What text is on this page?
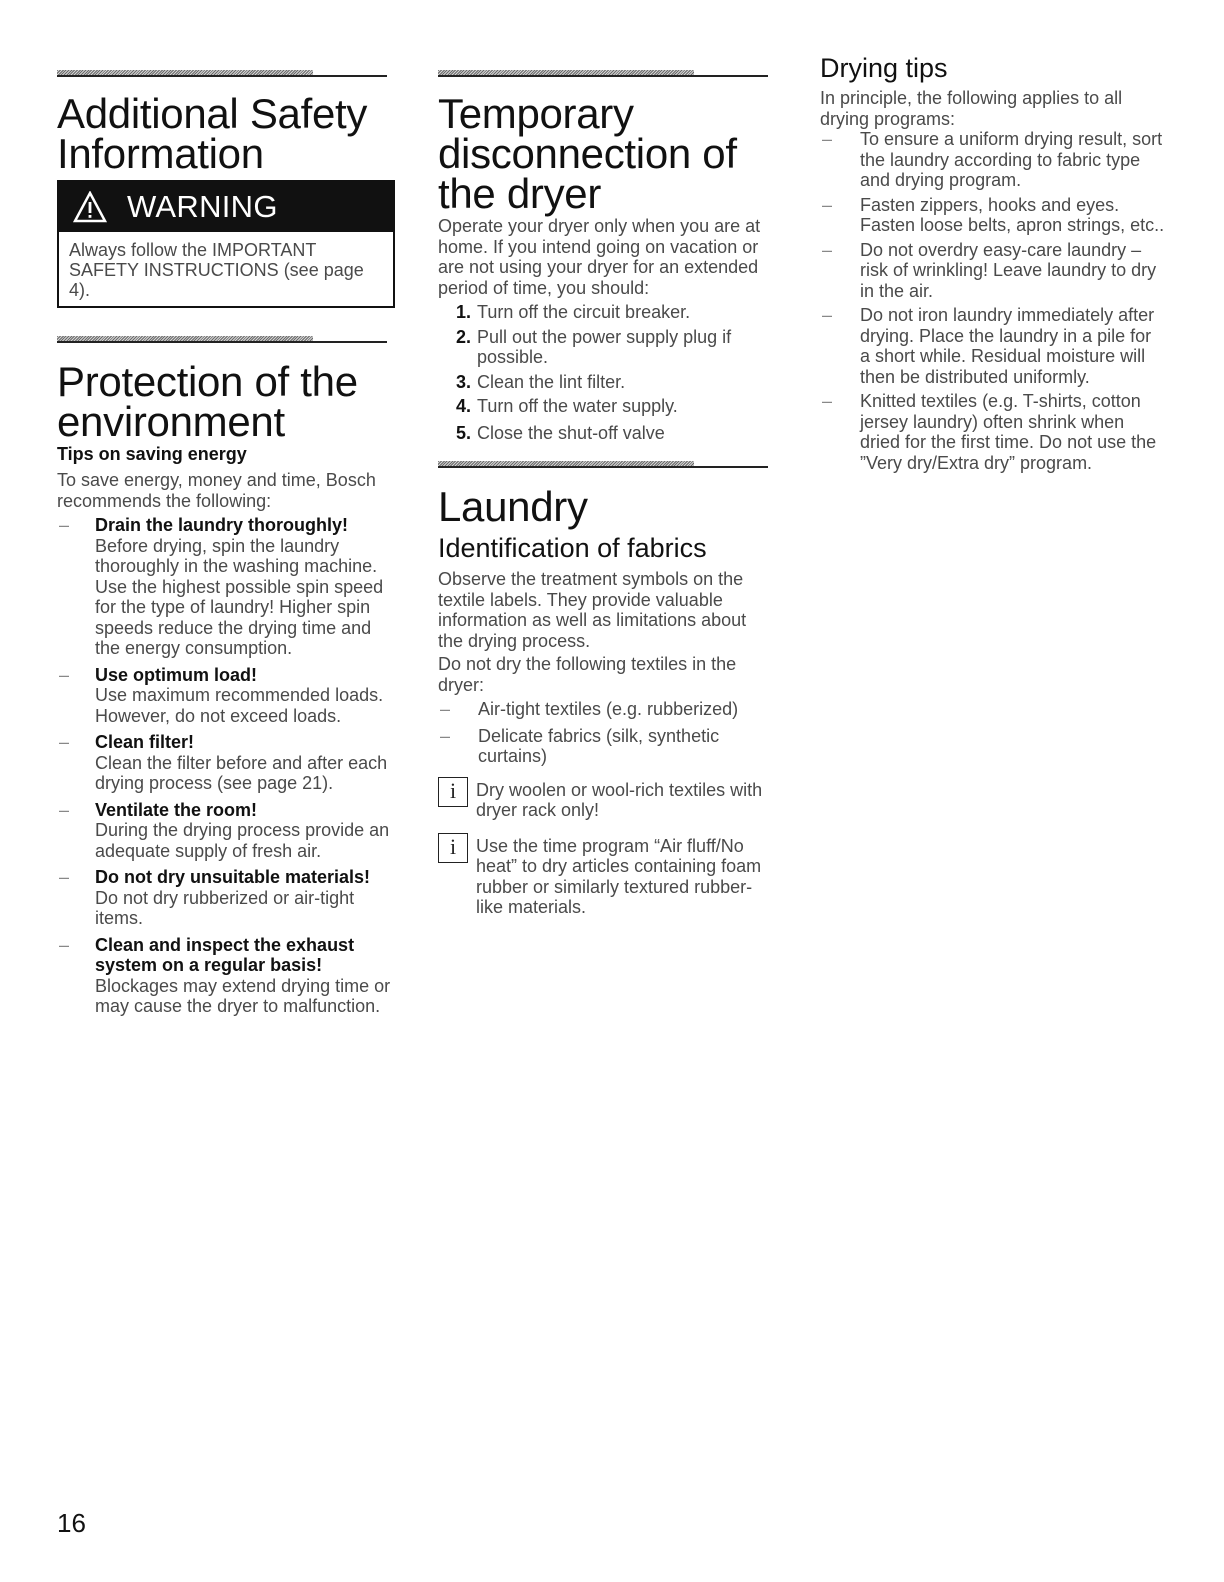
Additional Safety Information
WARNING
Always follow the IMPORTANT SAFETY INSTRUCTIONS (see page 4).
Protection of the environment
Tips on saving energy

To save energy, money and time, Bosch recommends the following:

– Drain the laundry thoroughly!
Before drying, spin the laundry thoroughly in the washing machine. Use the highest possible spin speed for the type of laundry! Higher spin speeds reduce the drying time and the energy consumption.
– Use optimum load!
Use maximum recommended loads. However, do not exceed loads.
– Clean filter!
Clean the filter before and after each drying process (see page 21).
– Ventilate the room!
During the drying process provide an adequate supply of fresh air.
– Do not dry unsuitable materials!
Do not dry rubberized or air-tight items.
– Clean and inspect the exhaust system on a regular basis!
Blockages may extend drying time or may cause the dryer to malfunction.
Temporary disconnection of the dryer

Operate your dryer only when you are at home. If you intend going on vacation or are not using your dryer for an extended period of time, you should:

1. Turn off the circuit breaker.
2. Pull out the power supply plug if possible.
3. Clean the lint filter.
4. Turn off the water supply.
5. Close the shut-off valve
Laundry
Identification of fabrics

Observe the treatment symbols on the textile labels. They provide valuable information as well as limitations about the drying process.

Do not dry the following textiles in the dryer:

– Air-tight textiles (e.g. rubberized)
– Delicate fabrics (silk, synthetic curtains)
i	Dry woolen or wool-rich textiles with dryer rack only!

i	Use the time program “Air fluff/No heat” to dry articles containing foam rubber or similarly textured rubber-like materials.

Drying tips

In principle, the following applies to all drying programs:

– To ensure a uniform drying result, sort the laundry according to fabric type and drying program.
– Fasten zippers, hooks and eyes. Fasten loose belts, apron strings, etc..
– Do not overdry easy-care laundry – risk of wrinkling! Leave laundry to dry in the air.
– Do not iron laundry immediately after drying. Place the laundry in a pile for a short while. Residual moisture will then be distributed uniformly.
– Knitted textiles (e.g. T-shirts, cotton jersey laundry) often shrink when dried for the first time. Do not use the ”Very dry/Extra dry” program.
16
